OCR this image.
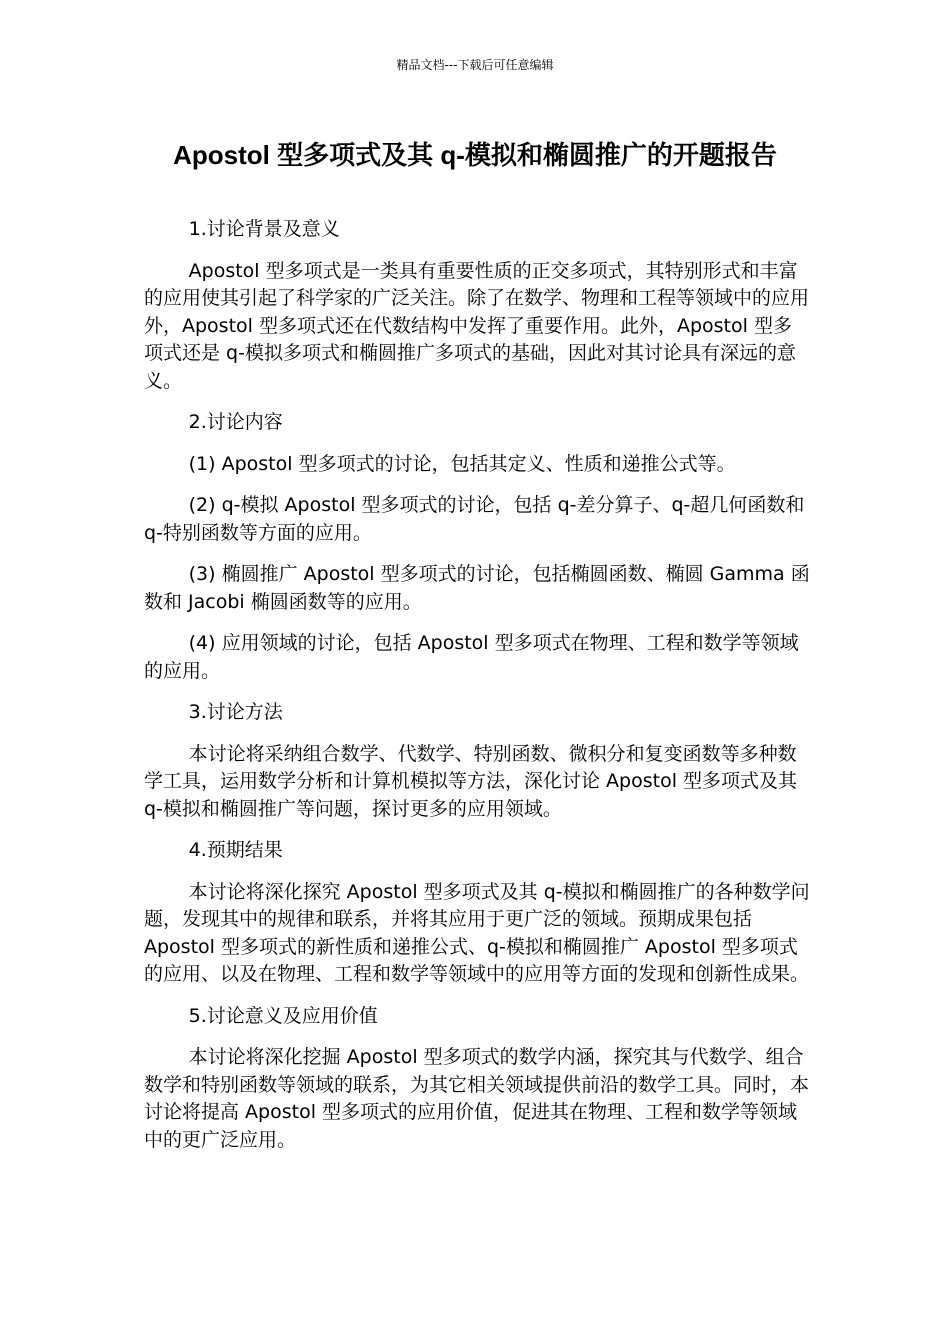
精品文档---下载后可任意编辑
Apostol 型多项式及其 q-模拟和椭圆推广的开题报告

1.讨论背景及意义

Apostol 型多项式是一类具有重要性质的正交多项式，其特别形式和丰富的应用使其引起了科学家的广泛关注。除了在数学、物理和工程等领域中的应用外，Apostol 型多项式还在代数结构中发挥了重要作用。此外，Apostol 型多项式还是 q-模拟多项式和椭圆推广多项式的基础，因此对其讨论具有深远的意义。

2.讨论内容

(1) Apostol 型多项式的讨论，包括其定义、性质和递推公式等。

(2) q-模拟 Apostol 型多项式的讨论，包括 q-差分算子、q-超几何函数和 q-特别函数等方面的应用。

(3) 椭圆推广 Apostol 型多项式的讨论，包括椭圆函数、椭圆 Gamma 函数和 Jacobi 椭圆函数等的应用。

(4) 应用领域的讨论，包括 Apostol 型多项式在物理、工程和数学等领域的应用。

3.讨论方法

本讨论将采纳组合数学、代数学、特别函数、微积分和复变函数等多种数学工具，运用数学分析和计算机模拟等方法，深化讨论 Apostol 型多项式及其 q-模拟和椭圆推广等问题，探讨更多的应用领域。

4.预期结果

本讨论将深化探究 Apostol 型多项式及其 q-模拟和椭圆推广的各种数学问题，发现其中的规律和联系，并将其应用于更广泛的领域。预期成果包括 Apostol 型多项式的新性质和递推公式、q-模拟和椭圆推广 Apostol 型多项式的应用、以及在物理、工程和数学等领域中的应用等方面的发现和创新性成果。

5.讨论意义及应用价值

本讨论将深化挖掘 Apostol 型多项式的数学内涵，探究其与代数学、组合数学和特别函数等领域的联系，为其它相关领域提供前沿的数学工具。同时，本讨论将提高 Apostol 型多项式的应用价值，促进其在物理、工程和数学等领域中的更广泛应用。
